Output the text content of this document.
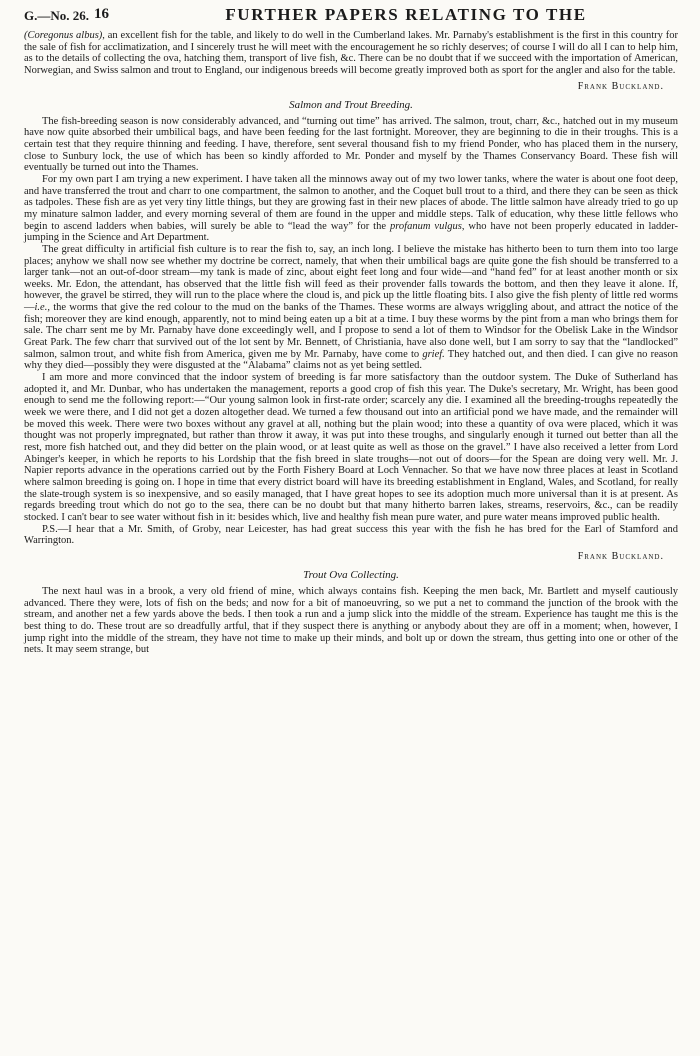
G.—No. 26. 16	FURTHER PAPERS RELATING TO THE

(Coregonus albus), an excellent fish for the table, and likely to do well in the Cumberland lakes. Mr. Parnaby's establishment is the first in this country for the sale of fish for acclimatization, and I sincerely trust he will meet with the encouragement he so richly deserves; of course I will do all I can to help him, as to the details of collecting the ova, hatching them, transport of live fish, &c. There can be no doubt that if we succeed with the importation of American, Norwegian, and Swiss salmon and trout to England, our indigenous breeds will become greatly improved both as sport for the angler and also for the table.

Frank Buckland.
Salmon and Trout Breeding.

The fish-breeding season is now considerably advanced, and “turning out time” has arrived. The salmon, trout, charr, &c., hatched out in my museum have now quite absorbed their umbilical bags, and have been feeding for the last fortnight. Moreover, they are beginning to die in their troughs. This is a certain test that they require thinning and feeding. I have, therefore, sent several thousand fish to my friend Ponder, who has placed them in the nursery, close to Sunbury lock, the use of which has been so kindly afforded to Mr. Ponder and myself by the Thames Conservancy Board. These fish will eventually be turned out into the Thames.

For my own part I am trying a new experiment. I have taken all the minnows away out of my two lower tanks, where the water is about one foot deep, and have transferred the trout and charr to one compartment, the salmon to another, and the Coquet bull trout to a third, and there they can be seen as thick as tadpoles. These fish are as yet very tiny little things, but they are growing fast in their new places of abode. The little salmon have already tried to go up my minature salmon ladder, and every morning several of them are found in the upper and middle steps. Talk of education, why these little fellows who begin to ascend ladders when babies, will surely be able to “lead the way” for the profanum vulgus, who have not been properly educated in ladder-jumping in the Science and Art Department.

The great difficulty in artificial fish culture is to rear the fish to, say, an inch long. I believe the mistake has hitherto been to turn them into too large places; anyhow we shall now see whether my doctrine be correct, namely, that when their umbilical bags are quite gone the fish should be transferred to a larger tank—not an out-of-door stream—my tank is made of zinc, about eight feet long and four wide—and “hand fed” for at least another month or six weeks. Mr. Edon, the attendant, has observed that the little fish will feed as their provender falls towards the bottom, and then they leave it alone. If, however, the gravel be stirred, they will run to the place where the cloud is, and pick up the little floating bits. I also give the fish plenty of little red worms—i.e., the worms that give the red colour to the mud on the banks of the Thames. These worms are always wriggling about, and attract the notice of the fish; moreover they are kind enough, apparently, not to mind being eaten up a bit at a time. I buy these worms by the pint from a man who brings them for sale. The charr sent me by Mr. Parnaby have done exceedingly well, and I propose to send a lot of them to Windsor for the Obelisk Lake in the Windsor Great Park. The few charr that survived out of the lot sent by Mr. Bennett, of Christiania, have also done well, but I am sorry to say that the “landlocked” salmon, salmon trout, and white fish from America, given me by Mr. Parnaby, have come to grief. They hatched out, and then died. I can give no reason why they died—possibly they were disgusted at the “Alabama” claims not as yet being settled.

I am more and more convinced that the indoor system of breeding is far more satisfactory than the outdoor system. The Duke of Sutherland has adopted it, and Mr. Dunbar, who has undertaken the management, reports a good crop of fish this year. The Duke's secretary, Mr. Wright, has been good enough to send me the following report:—“Our young salmon look in first-rate order; scarcely any die. I examined all the breeding-troughs repeatedly the week we were there, and I did not get a dozen altogether dead. We turned a few thousand out into an artificial pond we have made, and the remainder will be moved this week. There were two boxes without any gravel at all, nothing but the plain wood; into these a quantity of ova were placed, which it was thought was not properly impregnated, but rather than throw it away, it was put into these troughs, and singularly enough it turned out better than all the rest, more fish hatched out, and they did better on the plain wood, or at least quite as well as those on the gravel.” I have also received a letter from Lord Abinger's keeper, in which he reports to his Lordship that the fish breed in slate troughs—not out of doors—for the Spean are doing very well. Mr. J. Napier reports advance in the operations carried out by the Forth Fishery Board at Loch Vennacher. So that we have now three places at least in Scotland where salmon breeding is going on. I hope in time that every district board will have its breeding establishment in England, Wales, and Scotland, for really the slate-trough system is so inexpensive, and so easily managed, that I have great hopes to see its adoption much more universal than it is at present. As regards breeding trout which do not go to the sea, there can be no doubt but that many hitherto barren lakes, streams, reservoirs, &c., can be readily stocked. I can't bear to see water without fish in it: besides which, live and healthy fish mean pure water, and pure water means improved public health.

P.S.—I hear that a Mr. Smith, of Groby, near Leicester, has had great success this year with the fish he has bred for the Earl of Stamford and Warrington.

Frank Buckland.
Trout Ova Collecting.

The next haul was in a brook, a very old friend of mine, which always contains fish. Keeping the men back, Mr. Bartlett and myself cautiously advanced. There they were, lots of fish on the beds; and now for a bit of manoeuvring, so we put a net to command the junction of the brook with the stream, and another net a few yards above the beds. I then took a run and a jump slick into the middle of the stream. Experience has taught me this is the best thing to do. These trout are so dreadfully artful, that if they suspect there is anything or anybody about they are off in a moment; when, however, I jump right into the middle of the stream, they have not time to make up their minds, and bolt up or down the stream, thus getting into one or other of the nets. It may seem strange, but
